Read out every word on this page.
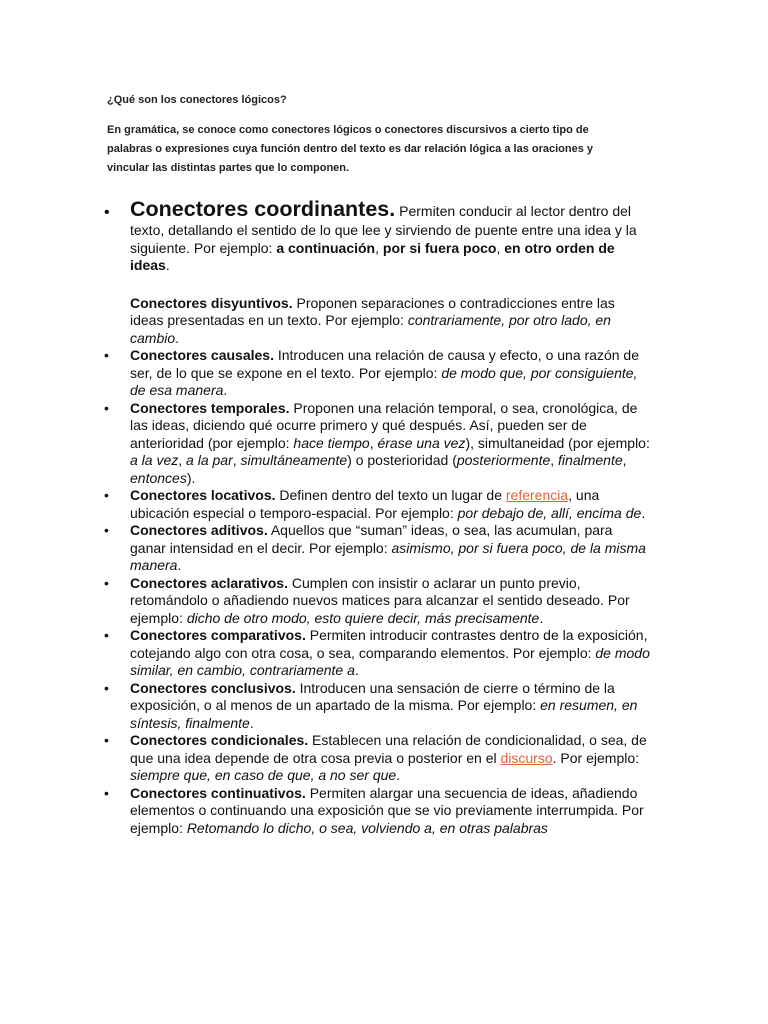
¿Qué son los conectores lógicos?
En gramática, se conoce como conectores lógicos o conectores discursivos a cierto tipo de palabras o expresiones cuya función dentro del texto es dar relación lógica a las oraciones y vincular las distintas partes que lo componen.
• Conectores coordinantes. Permiten conducir al lector dentro del texto, detallando el sentido de lo que lee y sirviendo de puente entre una idea y la siguiente. Por ejemplo: a continuación, por si fuera poco, en otro orden de ideas.
Conectores disyuntivos. Proponen separaciones o contradicciones entre las ideas presentadas en un texto. Por ejemplo: contrariamente, por otro lado, en cambio.
• Conectores causales. Introducen una relación de causa y efecto, o una razón de ser, de lo que se expone en el texto. Por ejemplo: de modo que, por consiguiente, de esa manera.
• Conectores temporales. Proponen una relación temporal, o sea, cronológica, de las ideas, diciendo qué ocurre primero y qué después. Así, pueden ser de anterioridad (por ejemplo: hace tiempo, érase una vez), simultaneidad (por ejemplo: a la vez, a la par, simultáneamente) o posterioridad (posteriormente, finalmente, entonces).
• Conectores locativos. Definen dentro del texto un lugar de referencia, una ubicación especial o temporo-espacial. Por ejemplo: por debajo de, allí, encima de.
• Conectores aditivos. Aquellos que “suman” ideas, o sea, las acumulan, para ganar intensidad en el decir. Por ejemplo: asimismo, por si fuera poco, de la misma manera.
• Conectores aclarativos. Cumplen con insistir o aclarar un punto previo, retomándolo o añadiendo nuevos matices para alcanzar el sentido deseado. Por ejemplo: dicho de otro modo, esto quiere decir, más precisamente.
• Conectores comparativos. Permiten introducir contrastes dentro de la exposición, cotejando algo con otra cosa, o sea, comparando elementos. Por ejemplo: de modo similar, en cambio, contrariamente a.
• Conectores conclusivos. Introducen una sensación de cierre o término de la exposición, o al menos de un apartado de la misma. Por ejemplo: en resumen, en síntesis, finalmente.
• Conectores condicionales. Establecen una relación de condicionalidad, o sea, de que una idea depende de otra cosa previa o posterior en el discurso. Por ejemplo: siempre que, en caso de que, a no ser que.
• Conectores continuativos. Permiten alargar una secuencia de ideas, añadiendo elementos o continuando una exposición que se vio previamente interrumpida. Por ejemplo: Retomando lo dicho, o sea, volviendo a, en otras palabras
